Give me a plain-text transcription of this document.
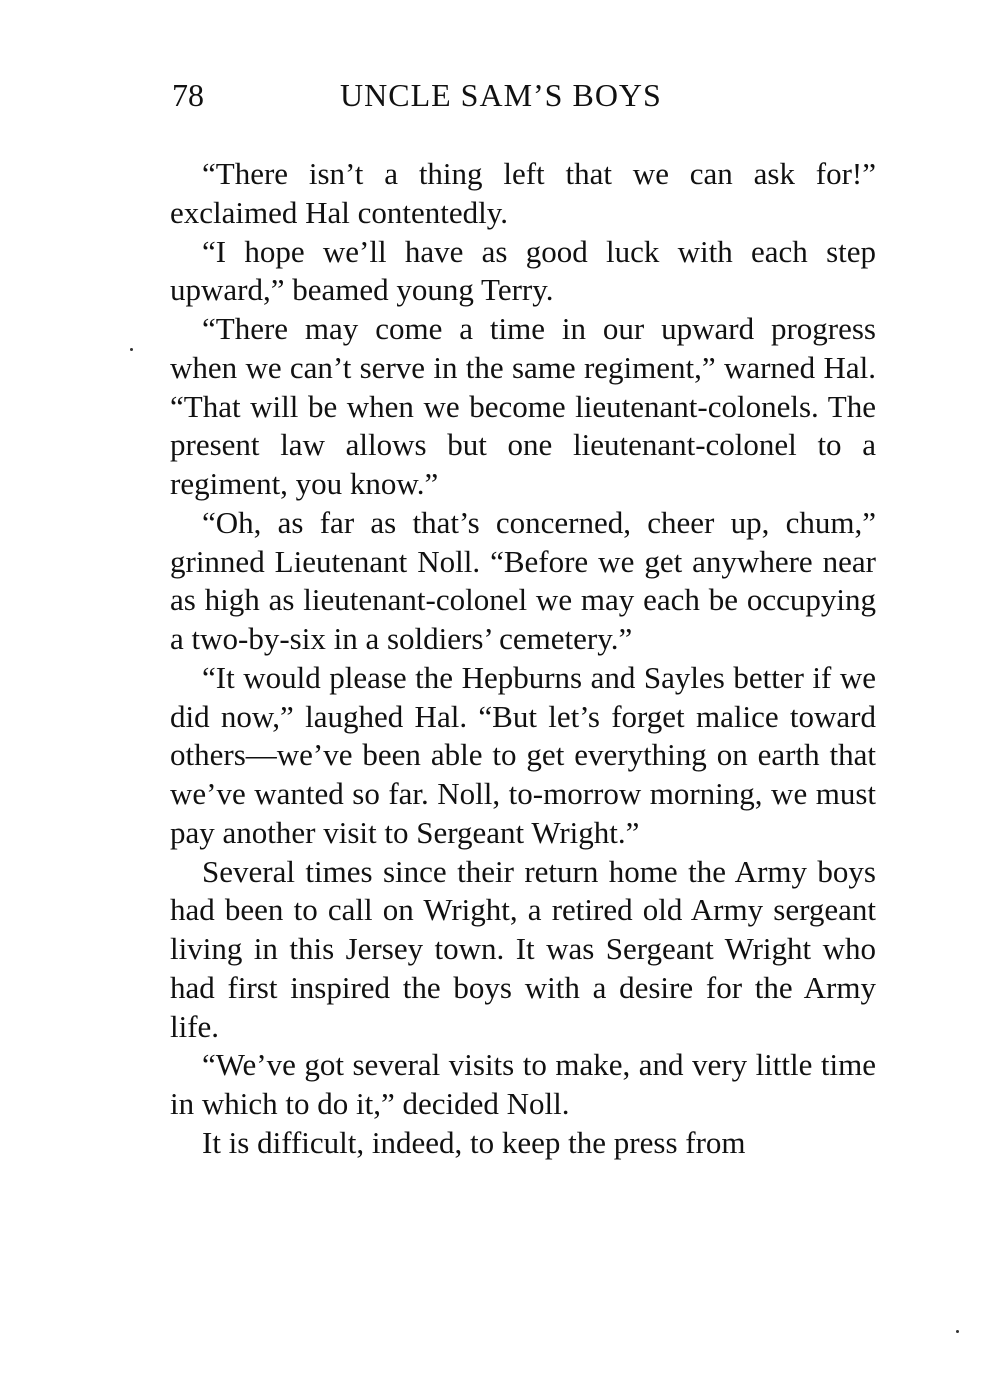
78	UNCLE SAM’S BOYS

“There isn’t a thing left that we can ask for!” exclaimed Hal contentedly.

“I hope we’ll have as good luck with each step upward,” beamed young Terry.

“There may come a time in our upward progress when we can’t serve in the same regiment,” warned Hal. “That will be when we become lieutenant-colonels. The present law allows but one lieutenant-colonel to a regiment, you know.”

“Oh, as far as that’s concerned, cheer up, chum,” grinned Lieutenant Noll. “Before we get anywhere near as high as lieutenant-colonel we may each be occupying a two-by-six in a soldiers’ cemetery.”

“It would please the Hepburns and Sayles better if we did now,” laughed Hal. “But let’s forget malice toward others—we’ve been able to get everything on earth that we’ve wanted so far. Noll, to-morrow morning, we must pay another visit to Sergeant Wright.”

Several times since their return home the Army boys had been to call on Wright, a retired old Army sergeant living in this Jersey town. It was Sergeant Wright who had first inspired the boys with a desire for the Army life.

“We’ve got several visits to make, and very little time in which to do it,” decided Noll.

It is difficult, indeed, to keep the press from
